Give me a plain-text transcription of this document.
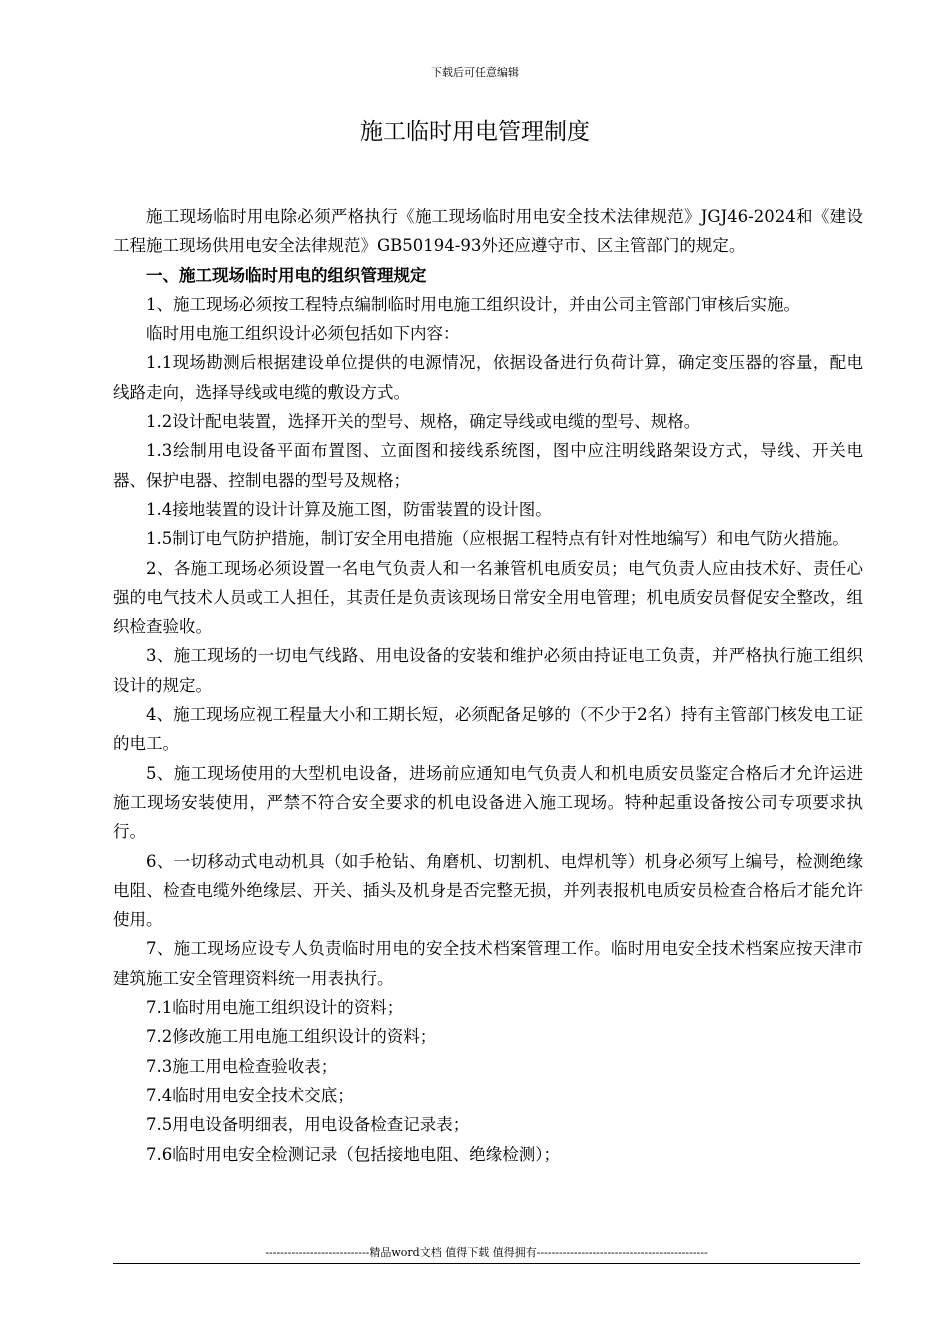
下载后可任意编辑
施工临时用电管理制度

施工现场临时用电除必须严格执行《施工现场临时用电安全技术法律规范》JGJ46-2024和《建设工程施工现场供用电安全法律规范》GB50194-93外还应遵守市、区主管部门的规定。

一、施工现场临时用电的组织管理规定

1、施工现场必须按工程特点编制临时用电施工组织设计，并由公司主管部门审核后实施。

临时用电施工组织设计必须包括如下内容：

1.1现场勘测后根据建设单位提供的电源情况，依据设备进行负荷计算，确定变压器的容量，配电线路走向，选择导线或电缆的敷设方式。

1.2设计配电装置，选择开关的型号、规格，确定导线或电缆的型号、规格。

1.3绘制用电设备平面布置图、立面图和接线系统图，图中应注明线路架设方式，导线、开关电器、保护电器、控制电器的型号及规格；

1.4接地装置的设计计算及施工图，防雷装置的设计图。

1.5制订电气防护措施，制订安全用电措施（应根据工程特点有针对性地编写）和电气防火措施。

2、各施工现场必须设置一名电气负责人和一名兼管机电质安员；电气负责人应由技术好、责任心强的电气技术人员或工人担任，其责任是负责该现场日常安全用电管理；机电质安员督促安全整改，组织检查验收。

3、施工现场的一切电气线路、用电设备的安装和维护必须由持证电工负责，并严格执行施工组织设计的规定。

4、施工现场应视工程量大小和工期长短，必须配备足够的（不少于2名）持有主管部门核发电工证的电工。

5、施工现场使用的大型机电设备，进场前应通知电气负责人和机电质安员鉴定合格后才允许运进施工现场安装使用，严禁不符合安全要求的机电设备进入施工现场。特种起重设备按公司专项要求执行。

6、一切移动式电动机具（如手枪钻、角磨机、切割机、电焊机等）机身必须写上编号，检测绝缘电阻、检查电缆外绝缘层、开关、插头及机身是否完整无损，并列表报机电质安员检查合格后才能允许使用。

7、施工现场应设专人负责临时用电的安全技术档案管理工作。临时用电安全技术档案应按天津市建筑施工安全管理资料统一用表执行。

7.1临时用电施工组织设计的资料；

7.2修改施工用电施工组织设计的资料；

7.3施工用电检查验收表；

7.4临时用电安全技术交底；

7.5用电设备明细表，用电设备检查记录表；

7.6临时用电安全检测记录（包括接地电阻、绝缘检测）；

----------------------------精品word文档 值得下载 值得拥有----------------------------------------------
